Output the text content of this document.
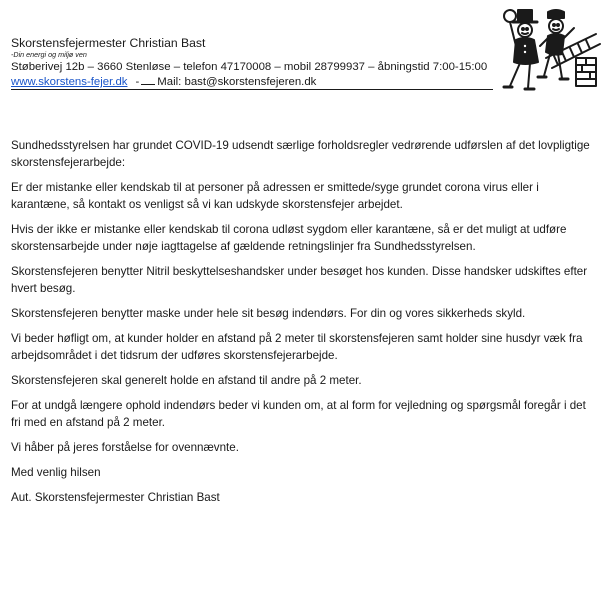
Skorstensfejermester Christian Bast

-Din energi og miljø ven

Støberivej 12b – 3660 Stenløse – telefon 47170008 – mobil 28799937 – åbningstid 7:00-15:00

www.skorstens-fejer.dk - Mail: bast@skorstensfejeren.dk

Sundhedsstyrelsen har grundet COVID-19 udsendt særlige forholdsregler vedrørende udførslen af det lovpligtige skorstensfejerarbejde:

Er der mistanke eller kendskab til at personer på adressen er smittede/syge grundet corona virus eller i karantæne, så kontakt os venligst så vi kan udskyde skorstensfejer arbejdet.

Hvis der ikke er mistanke eller kendskab til corona udløst sygdom eller karantæne, så er det muligt at udføre skorstensarbejde under nøje iagttagelse af gældende retningslinjer fra Sundhedsstyrelsen.

Skorstensfejeren benytter Nitril beskyttelseshandsker under besøget hos kunden. Disse handsker udskiftes efter hvert besøg.

Skorstensfejeren benytter maske under hele sit besøg indendørs. For din og vores sikkerheds skyld.

Vi beder høfligt om, at kunder holder en afstand på 2 meter til skorstensfejeren samt holder sine husdyr væk fra arbejdsområdet i det tidsrum der udføres skorstensfejerarbejde.

Skorstensfejeren skal generelt holde en afstand til andre på 2 meter.

For at undgå længere ophold indendørs beder vi kunden om, at al form for vejledning og spørgsmål foregår i det fri med en afstand på 2 meter.

Vi håber på jeres forståelse for ovennævnte.

Med venlig hilsen

Aut. Skorstensfejermester Christian Bast
